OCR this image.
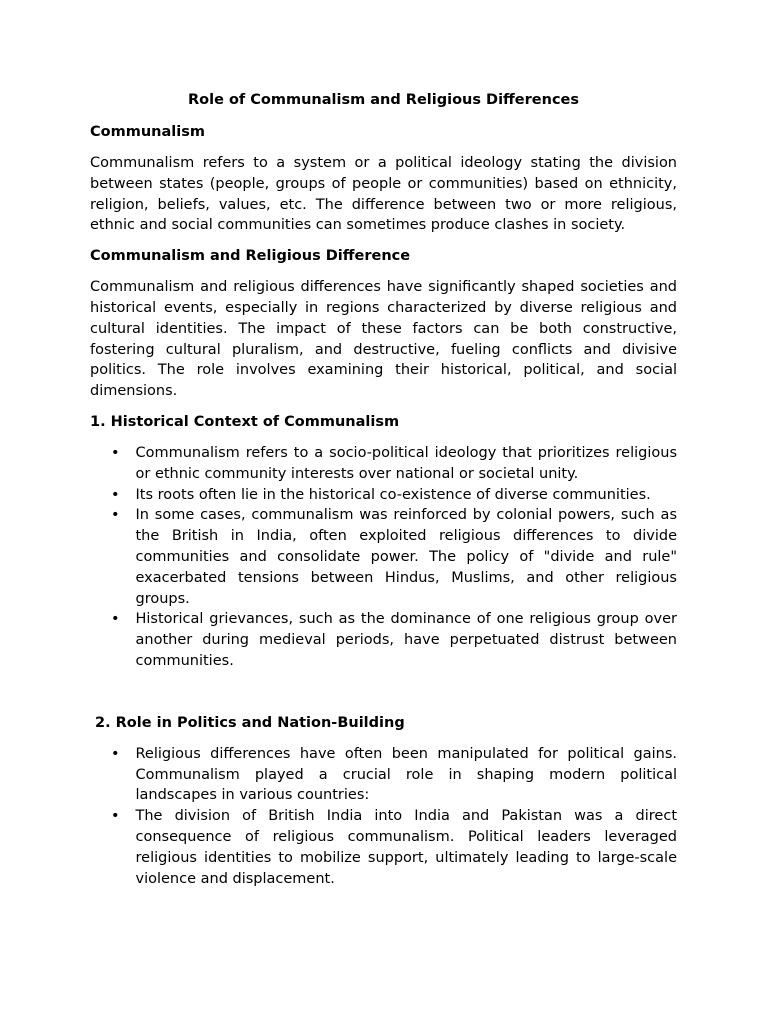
Role of Communalism and Religious Differences
Communalism

Communalism refers to a system or a political ideology stating the division between states (people, groups of people or communities) based on ethnicity, religion, beliefs, values, etc. The difference between two or more religious, ethnic and social communities can sometimes produce clashes in society.

Communalism and Religious Difference

Communalism and religious differences have significantly shaped societies and historical events, especially in regions characterized by diverse religious and cultural identities. The impact of these factors can be both constructive, fostering cultural pluralism, and destructive, fueling conflicts and divisive politics. The role involves examining their historical, political, and social dimensions.

1. Historical Context of Communalism
• Communalism refers to a socio-political ideology that prioritizes religious or ethnic community interests over national or societal unity.
• Its roots often lie in the historical co-existence of diverse communities.
• In some cases, communalism was reinforced by colonial powers, such as the British in India, often exploited religious differences to divide communities and consolidate power. The policy of "divide and rule" exacerbated tensions between Hindus, Muslims, and other religious groups.
• Historical grievances, such as the dominance of one religious group over another during medieval periods, have perpetuated distrust between communities.
2. Role in Politics and Nation-Building
• Religious differences have often been manipulated for political gains. Communalism played a crucial role in shaping modern political landscapes in various countries:
• The division of British India into India and Pakistan was a direct consequence of religious communalism. Political leaders leveraged religious identities to mobilize support, ultimately leading to large-scale violence and displacement.
